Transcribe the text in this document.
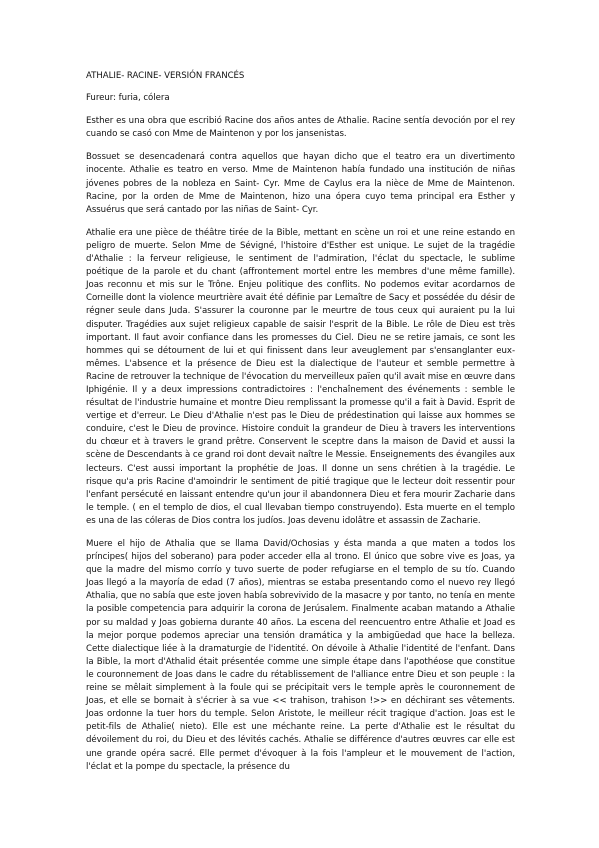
ATHALIE- RACINE- VERSIÓN FRANCÉS

Fureur: furia, cólera

Esther es una obra que escribió Racine dos años antes de Athalie. Racine sentía devoción por el rey cuando se casó con Mme de Maintenon y por los jansenistas.

Bossuet se desencadenará contra aquellos que hayan dicho que el teatro era un divertimento inocente. Athalie es teatro en verso. Mme de Maintenon había fundado una institución de niñas jóvenes pobres de la nobleza en Saint- Cyr. Mme de Caylus era la nièce de Mme de Maintenon. Racine, por la orden de Mme de Maintenon, hizo una ópera cuyo tema principal era Esther y Assuérus que será cantado por las niñas de Saint- Cyr.

Athalie era une pièce de théâtre tirée de la Bible, mettant en scène un roi et une reine estando en peligro de muerte. Selon Mme de Sévigné, l'histoire d'Esther est unique. Le sujet de la tragédie d'Athalie : la ferveur religieuse, le sentiment de l'admiration, l'éclat du spectacle, le sublime poétique de la parole et du chant (affrontement mortel entre les membres d'une même famille). Joas reconnu et mis sur le Trône. Enjeu politique des conflits. No podemos evitar acordarnos de Corneille dont la violence meurtrière avait été définie par Lemaître de Sacy et possédée du désir de régner seule dans Juda. S'assurer la couronne par le meurtre de tous ceux qui auraient pu la lui disputer. Tragédies aux sujet religieux capable de saisir l'esprit de la Bible. Le rôle de Dieu est très important. Il faut avoir confiance dans les promesses du Ciel. Dieu ne se retire jamais, ce sont les hommes qui se détournent de lui et qui finissent dans leur aveuglement par s'ensanglanter eux-mêmes. L'absence et la présence de Dieu est la dialectique de l'auteur et semble permettre à Racine de retrouver la technique de l'évocation du merveilleux païen qu'il avait mise en œuvre dans Iphigénie. Il y a deux impressions contradictoires : l'enchaînement des événements : semble le résultat de l'industrie humaine et montre Dieu remplissant la promesse qu'il a fait à David. Esprit de vertige et d'erreur. Le Dieu d'Athalie n'est pas le Dieu de prédestination qui laisse aux hommes se conduire, c'est le Dieu de province. Histoire conduit la grandeur de Dieu à travers les interventions du chœur et à travers le grand prêtre. Conservent le sceptre dans la maison de David et aussi la scène de Descendants à ce grand roi dont devait naître le Messie. Enseignements des évangiles aux lecteurs. C'est aussi important la prophétie de Joas. Il donne un sens chrétien à la tragédie. Le risque qu'a pris Racine d'amoindrir le sentiment de pitié tragique que le lecteur doit ressentir pour l'enfant persécuté en laissant entendre qu'un jour il abandonnera Dieu et fera mourir Zacharie dans le temple. ( en el templo de dios, el cual llevaban tiempo construyendo). Esta muerte en el templo es una de las cóleras de Dios contra los judíos. Joas devenu idolâtre et assassin de Zacharie.

Muere el hijo de Athalia que se llama David/Ochosias y ésta manda a que maten a todos los príncipes( hijos del soberano) para poder acceder ella al trono. El único que sobre vive es Joas, ya que la madre del mismo corrío y tuvo suerte de poder refugiarse en el templo de su tío. Cuando Joas llegó a la mayoría de edad (7 años), mientras se estaba presentando como el nuevo rey llegó Athalia, que no sabía que este joven había sobrevivido de la masacre y por tanto, no tenía en mente la posible competencia para adquirir la corona de Jerúsalem. Finalmente acaban matando a Athalie por su maldad y Joas gobierna durante 40 años. La escena del reencuentro entre Athalie et Joad es la mejor porque podemos apreciar una tensión dramática y la ambigüedad que hace la belleza. Cette dialectique liée à la dramaturgie de l'identité. On dévoile à Athalie l'identité de l'enfant. Dans la Bible, la mort d'Athalid était présentée comme une simple étape dans l'apothéose que constitue le couronnement de Joas dans le cadre du rétablissement de l'alliance entre Dieu et son peuple : la reine se mêlait simplement à la foule qui se précipitait vers le temple après le couronnement de Joas, et elle se bornait à s'écrier à sa vue << trahison, trahison !>> en déchirant ses vêtements. Joas ordonne la tuer hors du temple. Selon Aristote, le meilleur récit tragique d'action. Joas est le petit-fils de Athalie( nieto). Elle est une méchante reine. La perte d'Athalie est le résultat du dévoilement du roi, du Dieu et des lévités cachés. Athalie se différence d'autres œuvres car elle est une grande opéra sacré. Elle permet d'évoquer à la fois l'ampleur et le mouvement de l'action, l'éclat et la pompe du spectacle, la présence du
